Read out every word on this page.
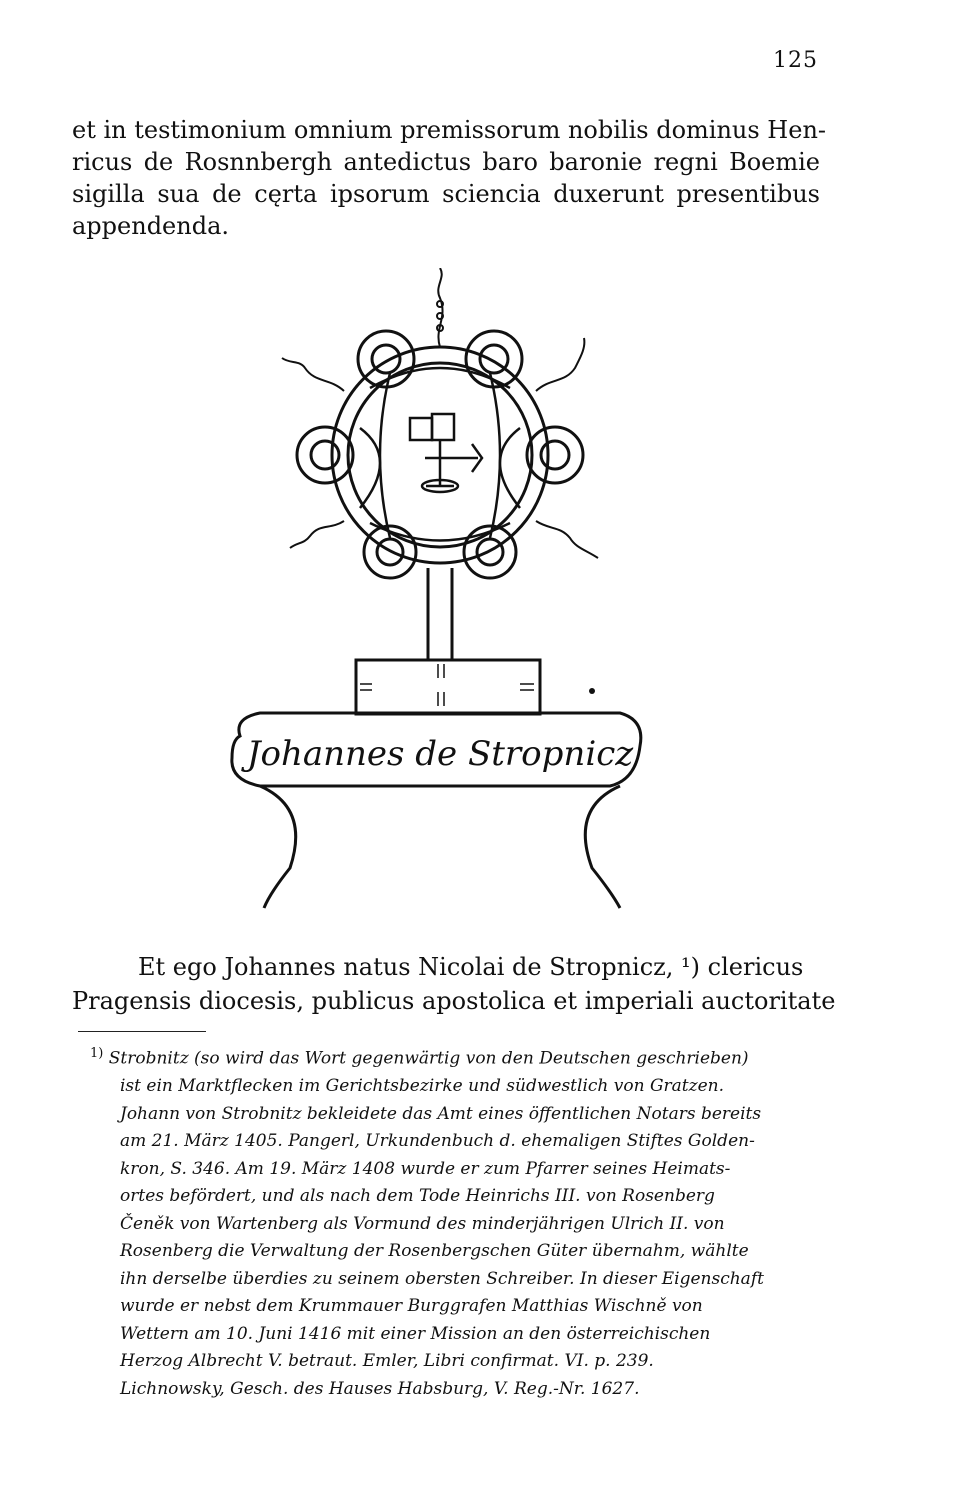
125
et in testimonium omnium premissorum nobilis dominus Hen-
ricus de Rosnnbergh antedictus baro baronie regni Boemie
sigilla sua de cęrta ipsorum sciencia duxerunt presentibus
appendenda.
Johannes de Stropnicz
Et ego Johannes natus Nicolai de Stropnicz, ¹) clericus
Pragensis diocesis, publicus apostolica et imperiali auctoritate
$^{1)}$ Strobnitz (so wird das Wort gegenwärtig von den Deutschen geschrieben)
ist ein Marktflecken im Gerichtsbezirke und südwestlich von Gratzen.
Johann von Strobnitz bekleidete das Amt eines öffentlichen Notars bereits
am 21. März 1405. Pangerl, Urkundenbuch d. ehemaligen Stiftes Golden-
kron, S. 346. Am 19. März 1408 wurde er zum Pfarrer seines Heimats-
ortes befördert, und als nach dem Tode Heinrichs III. von Rosenberg
Čeněk von Wartenberg als Vormund des minderjährigen Ulrich II. von
Rosenberg die Verwaltung der Rosenbergschen Güter übernahm, wählte
ihn derselbe überdies zu seinem obersten Schreiber. In dieser Eigenschaft
wurde er nebst dem Krummauer Burggrafen Matthias Wischně von
Wettern am 10. Juni 1416 mit einer Mission an den österreichischen
Herzog Albrecht V. betraut. Emler, Libri confirmat. VI. p. 239.
Lichnowsky, Gesch. des Hauses Habsburg, V. Reg.-Nr. 1627.
